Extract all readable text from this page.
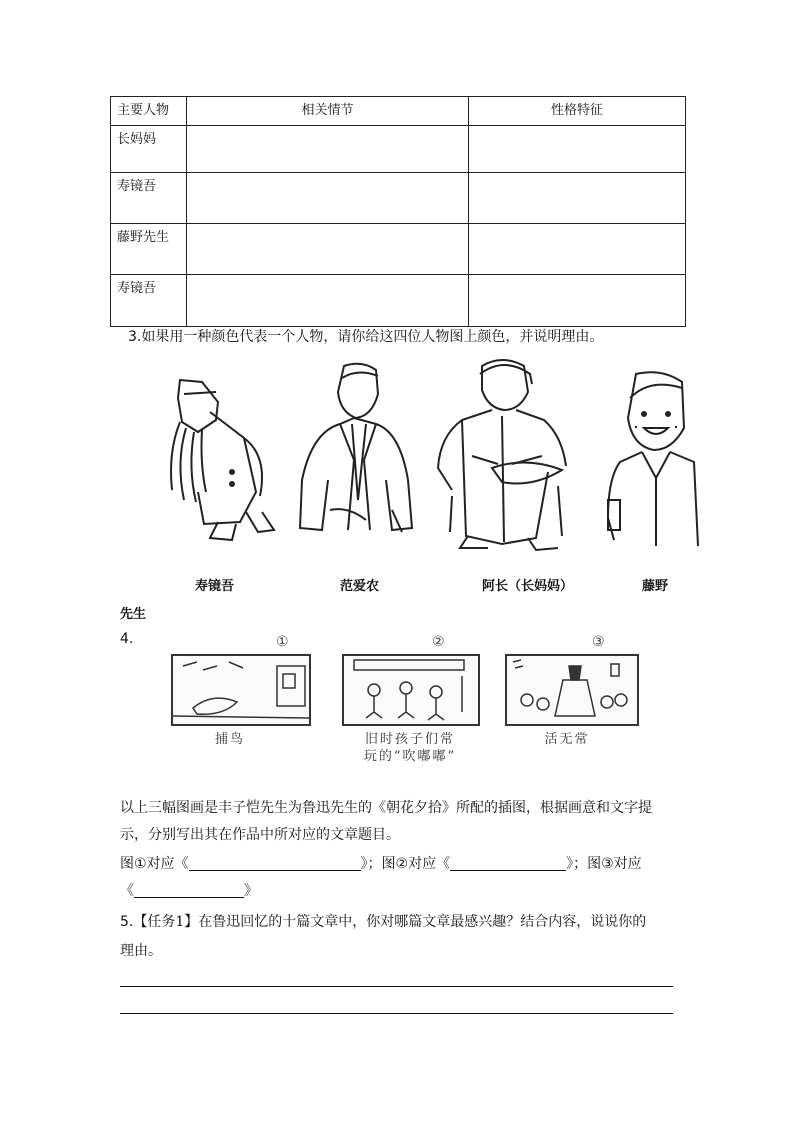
主要人物	相关情节	性格特征
长妈妈		
寿镜吾		
藤野先生		
寿镜吾		
3.如果用一种颜色代表一个人物，请你给这四位人物图上颜色，并说明理由。
寿镜吾	范爱农	阿长（长妈妈）	藤野
先生
4.	①	②	③
捕鸟	旧时孩子们常
玩的“吹嘟嘟”
活无常
以上三幅图画是丰子恺先生为鲁迅先生的《朝花夕拾》所配的插图，根据画意和文字提
示，分别写出其在作品中所对应的文章题目。
图①对应《	》；图②对应《	》；图③对应
《	》
5.【任务1】在鲁迅回忆的十篇文章中，你对哪篇文章最感兴趣？结合内容，说说你的
理由。
